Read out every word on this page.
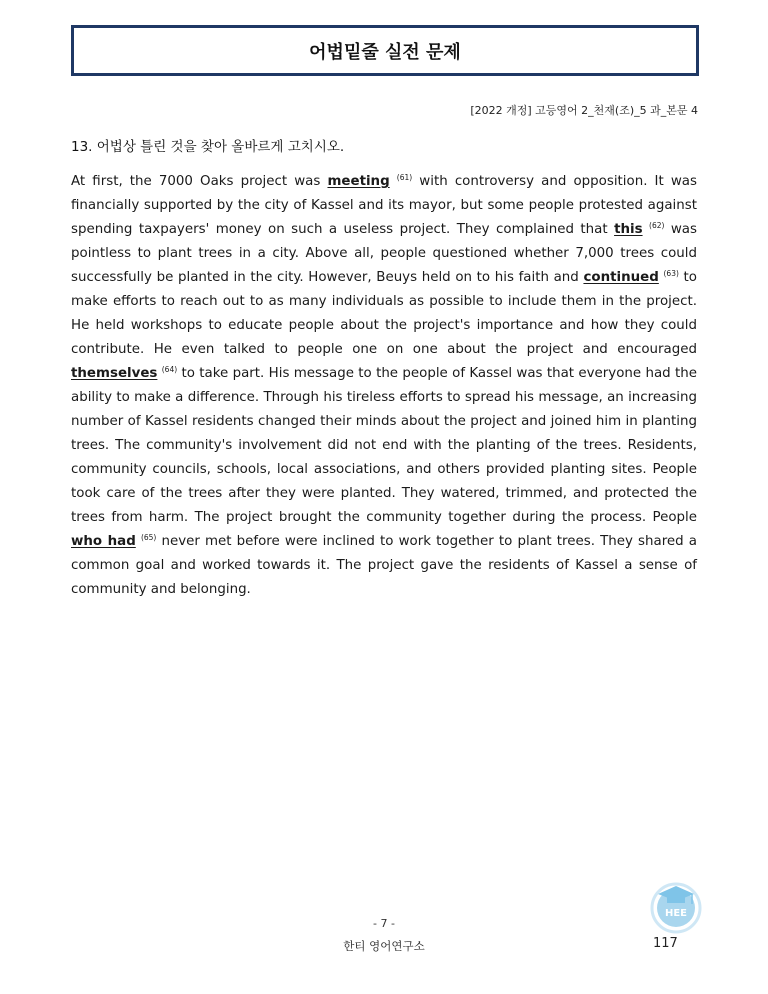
어법밑줄 실전 문제
[2022 개정] 고등영어 2_천재(조)_5 과_본문 4
13. 어법상 틀린 것을 찾아 올바르게 고치시오.

At first, the 7000 Oaks project was meeting $^{(61)}$ with controversy and opposition. It was financially supported by the city of Kassel and its mayor, but some people protested against spending taxpayers' money on such a useless project. They complained that this $^{(62)}$ was pointless to plant trees in a city. Above all, people questioned whether 7,000 trees could successfully be planted in the city. However, Beuys held on to his faith and continued $^{(63)}$ to make efforts to reach out to as many individuals as possible to include them in the project. He held workshops to educate people about the project's importance and how they could contribute. He even talked to people one on one about the project and encouraged themselves $^{(64)}$ to take part. His message to the people of Kassel was that everyone had the ability to make a difference. Through his tireless efforts to spread his message, an increasing number of Kassel residents changed their minds about the project and joined him in planting trees. The community's involvement did not end with the planting of the trees. Residents, community councils, schools, local associations, and others provided planting sites. People took care of the trees after they were planted. They watered, trimmed, and protected the trees from harm. The project brought the community together during the process. People who had $^{(65)}$ never met before were inclined to work together to plant trees. They shared a common goal and worked towards it. The project gave the residents of Kassel a sense of community and belonging.

HEE
- 7 -
한티 영어연구소	117
